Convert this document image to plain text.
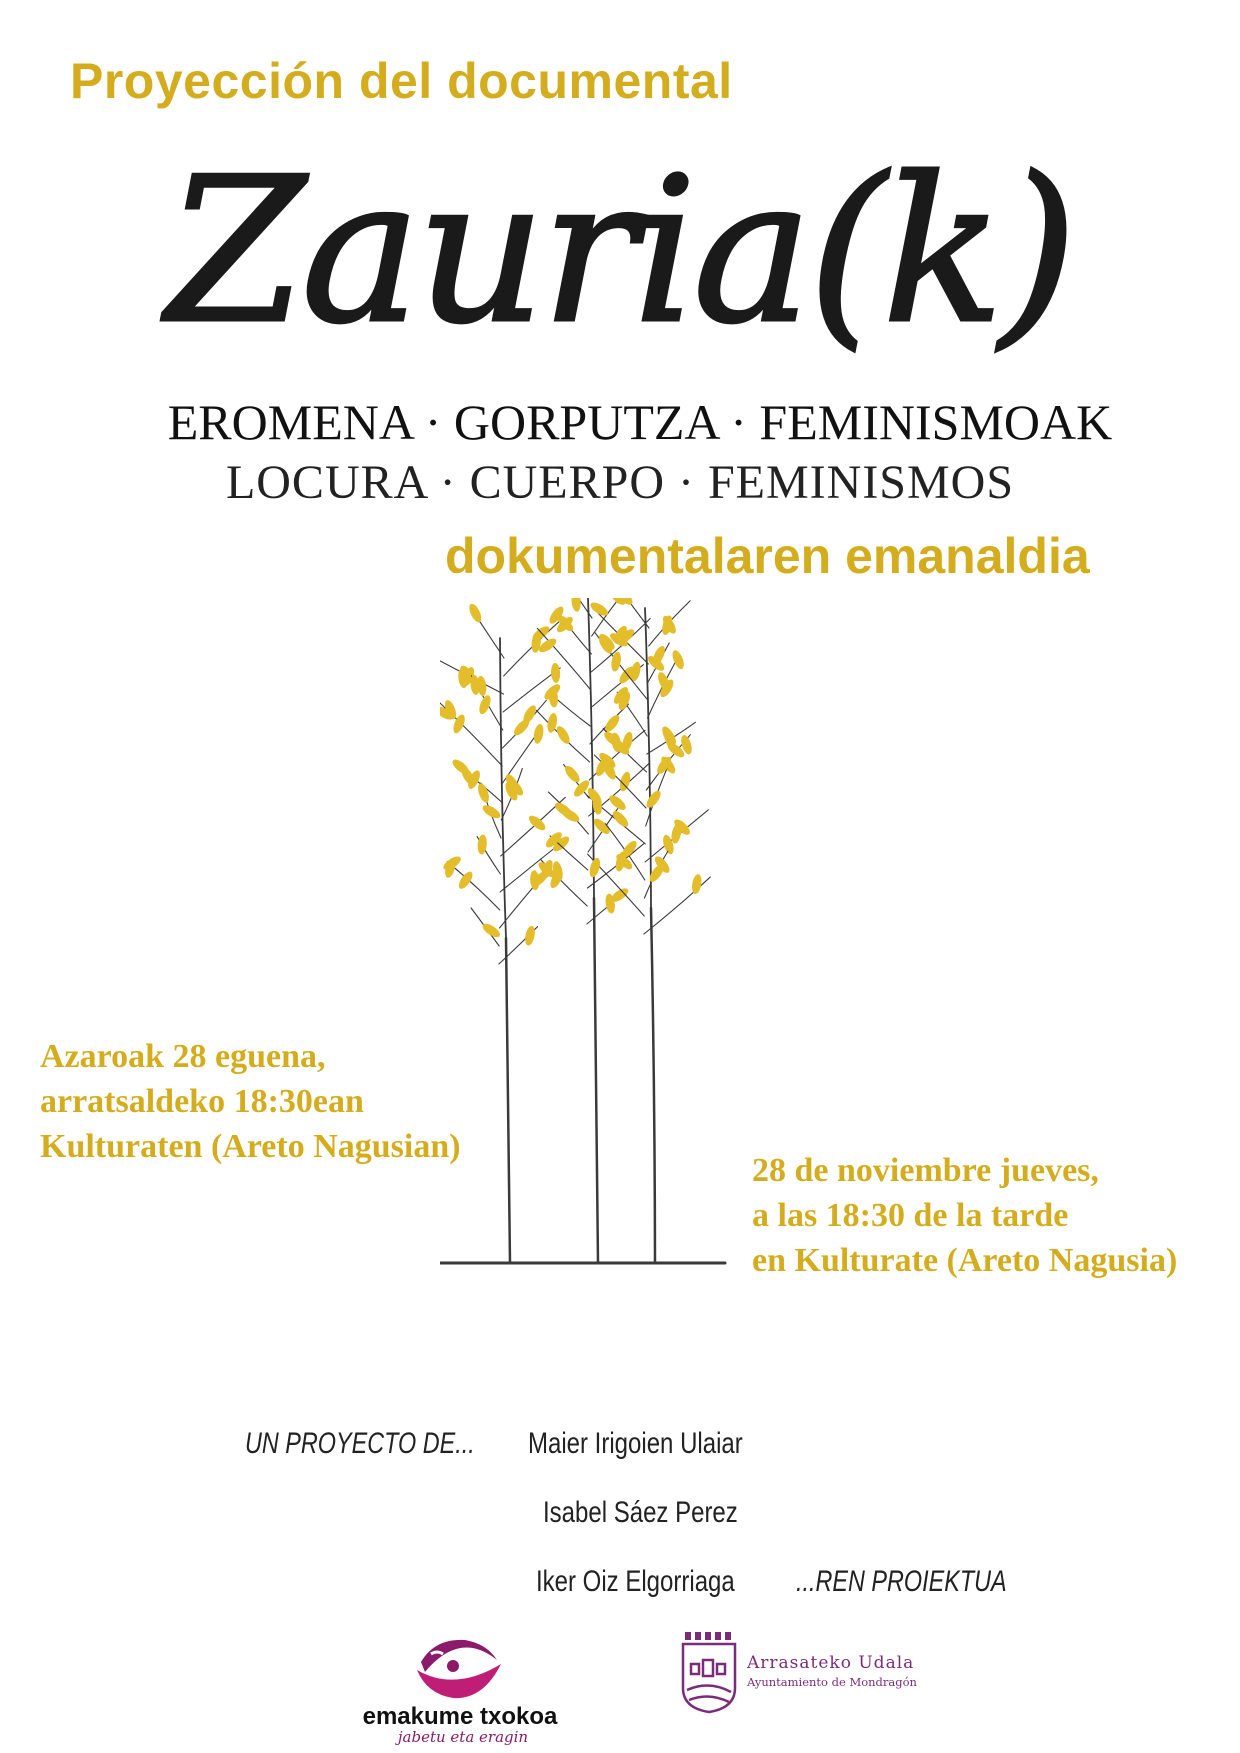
Proyección del documental
Zauria(k)
EROMENA · GORPUTZA · FEMINISMOAK
LOCURA · CUERPO · FEMINISMOS
dokumentalaren emanaldia
Azaroak 28 eguena,
arratsaldeko 18:30ean
Kulturaten (Areto Nagusian)
28 de noviembre jueves,
a las 18:30 de la tarde
en Kulturate (Areto Nagusia)
UN PROYECTO DE... Maier Irigoien Ulaiar
Isabel Sáez Perez
Iker Oiz Elgorriaga ...REN PROIEKTUA
emakume txokoa
jabetu eta eragin
Arrasateko Udala
Ayuntamiento de Mondragón
